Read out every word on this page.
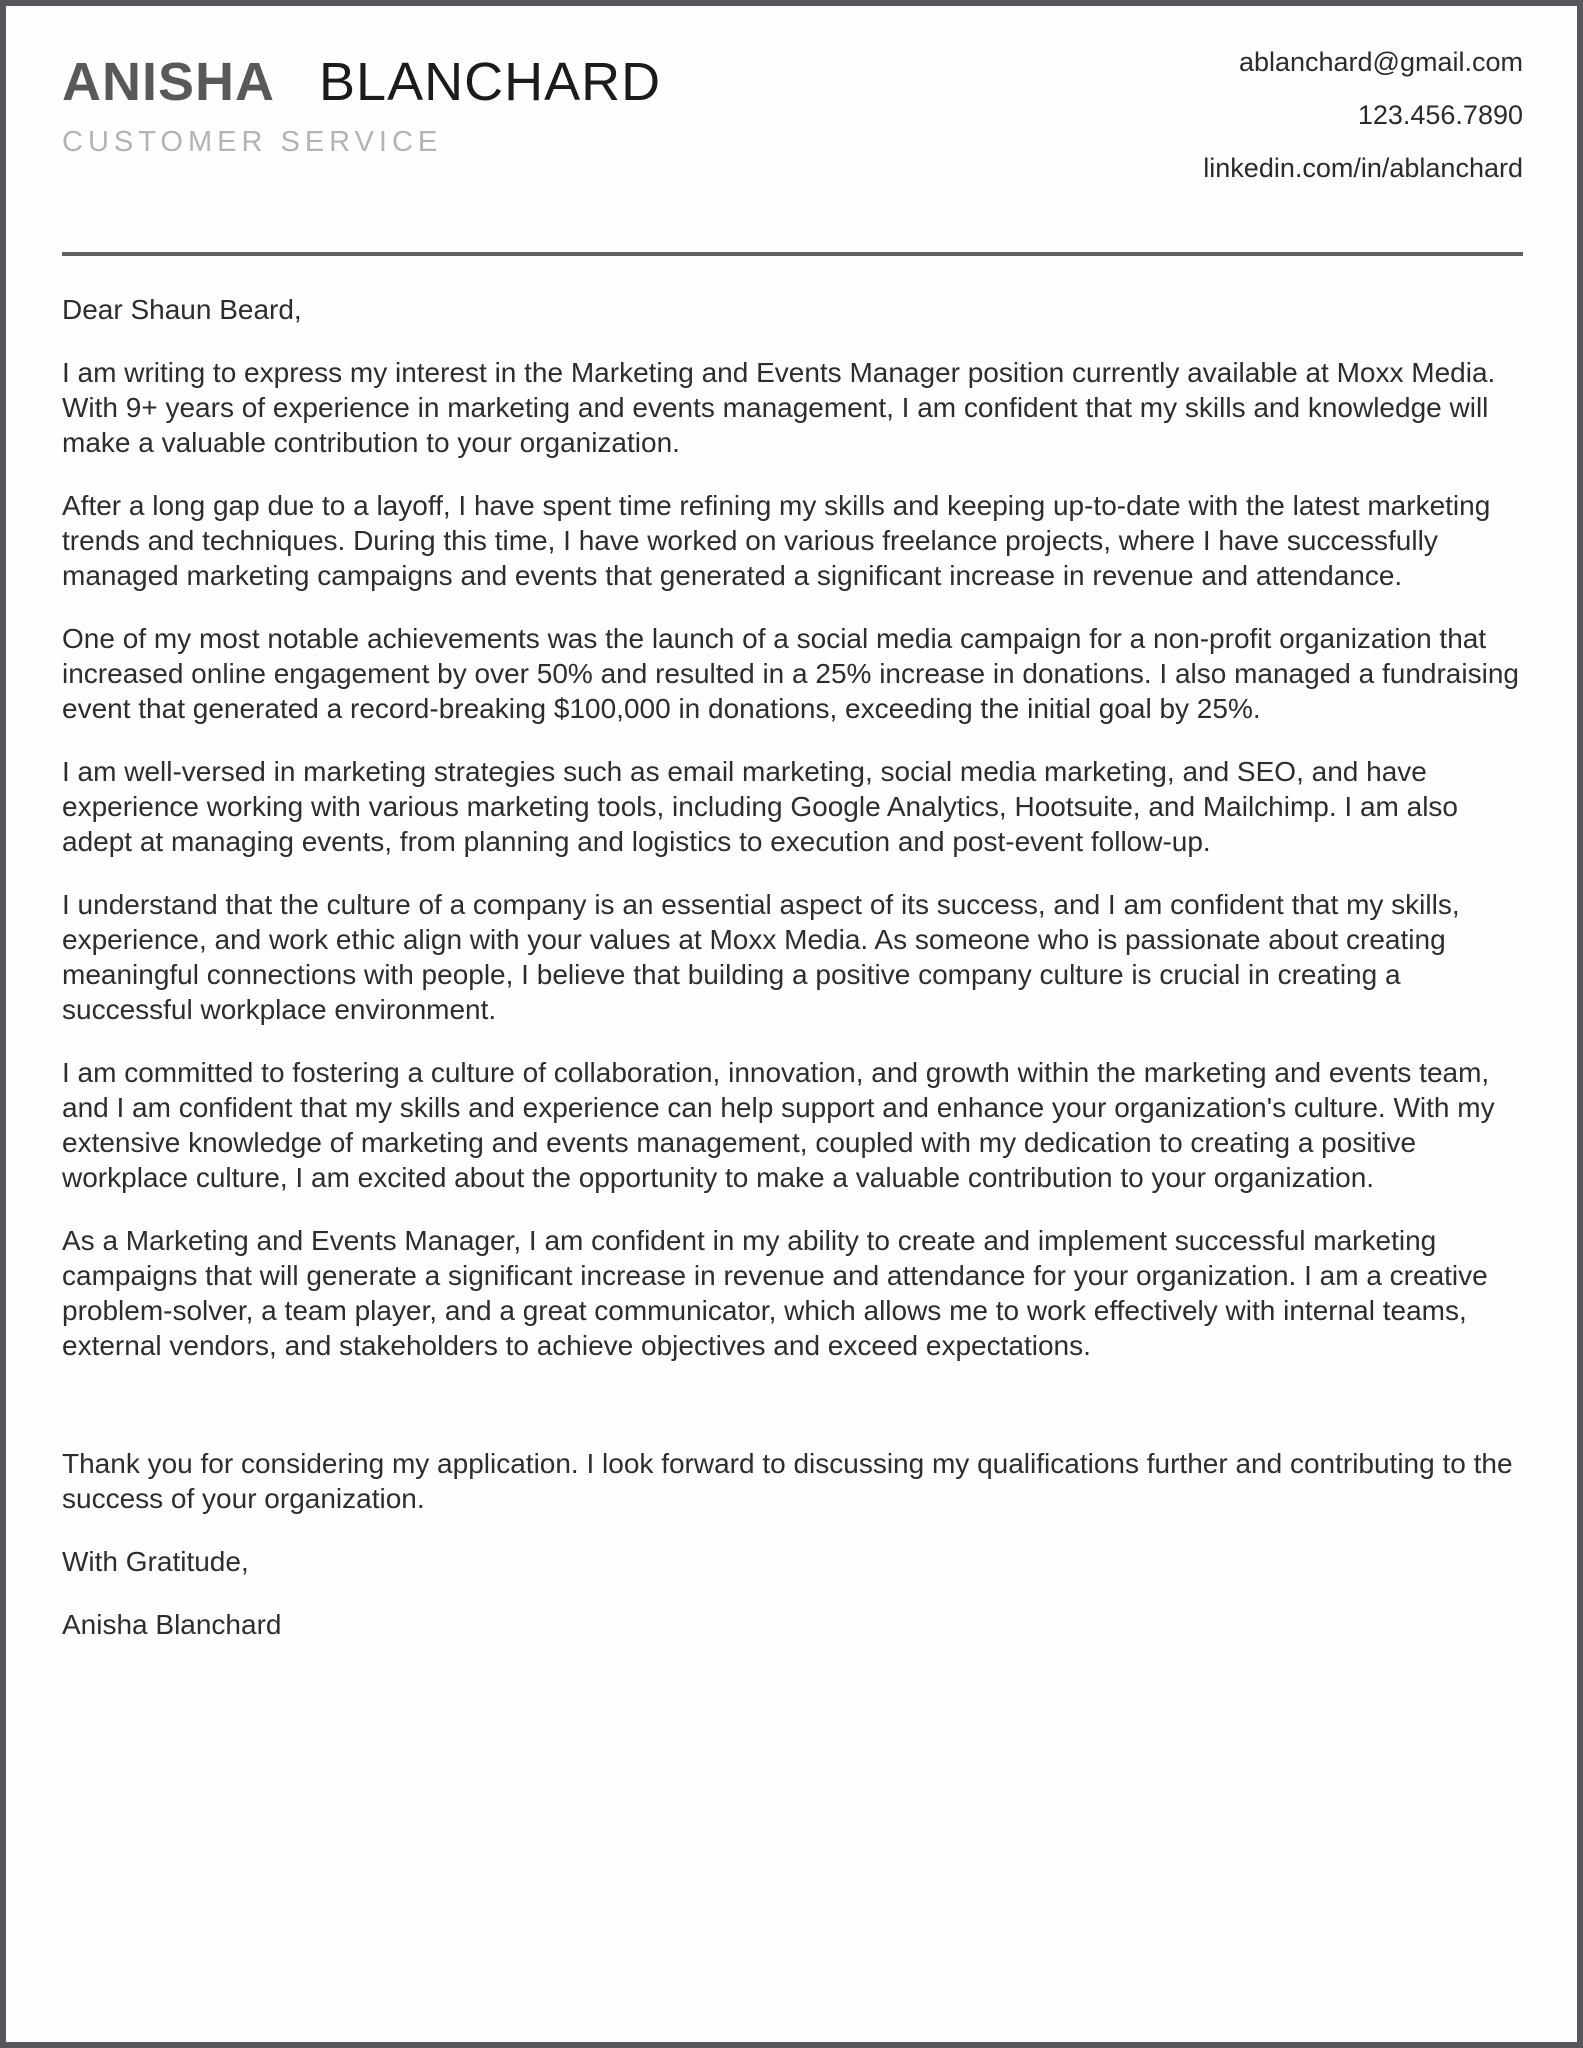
ANISHA BLANCHARD
CUSTOMER SERVICE
ablanchard@gmail.com
123.456.7890
linkedin.com/in/ablanchard

Dear Shaun Beard,

I am writing to express my interest in the Marketing and Events Manager position currently available at Moxx Media. With 9+ years of experience in marketing and events management, I am confident that my skills and knowledge will make a valuable contribution to your organization.

After a long gap due to a layoff, I have spent time refining my skills and keeping up-to-date with the latest marketing trends and techniques. During this time, I have worked on various freelance projects, where I have successfully managed marketing campaigns and events that generated a significant increase in revenue and attendance.

One of my most notable achievements was the launch of a social media campaign for a non-profit organization that increased online engagement by over 50% and resulted in a 25% increase in donations. I also managed a fundraising event that generated a record-breaking $100,000 in donations, exceeding the initial goal by 25%.

I am well-versed in marketing strategies such as email marketing, social media marketing, and SEO, and have experience working with various marketing tools, including Google Analytics, Hootsuite, and Mailchimp. I am also adept at managing events, from planning and logistics to execution and post-event follow-up.

I understand that the culture of a company is an essential aspect of its success, and I am confident that my skills, experience, and work ethic align with your values at Moxx Media. As someone who is passionate about creating meaningful connections with people, I believe that building a positive company culture is crucial in creating a successful workplace environment.

I am committed to fostering a culture of collaboration, innovation, and growth within the marketing and events team, and I am confident that my skills and experience can help support and enhance your organization's culture. With my extensive knowledge of marketing and events management, coupled with my dedication to creating a positive workplace culture, I am excited about the opportunity to make a valuable contribution to your organization.

As a Marketing and Events Manager, I am confident in my ability to create and implement successful marketing campaigns that will generate a significant increase in revenue and attendance for your organization. I am a creative problem-solver, a team player, and a great communicator, which allows me to work effectively with internal teams, external vendors, and stakeholders to achieve objectives and exceed expectations.

Thank you for considering my application. I look forward to discussing my qualifications further and contributing to the success of your organization.

With Gratitude,

Anisha Blanchard
